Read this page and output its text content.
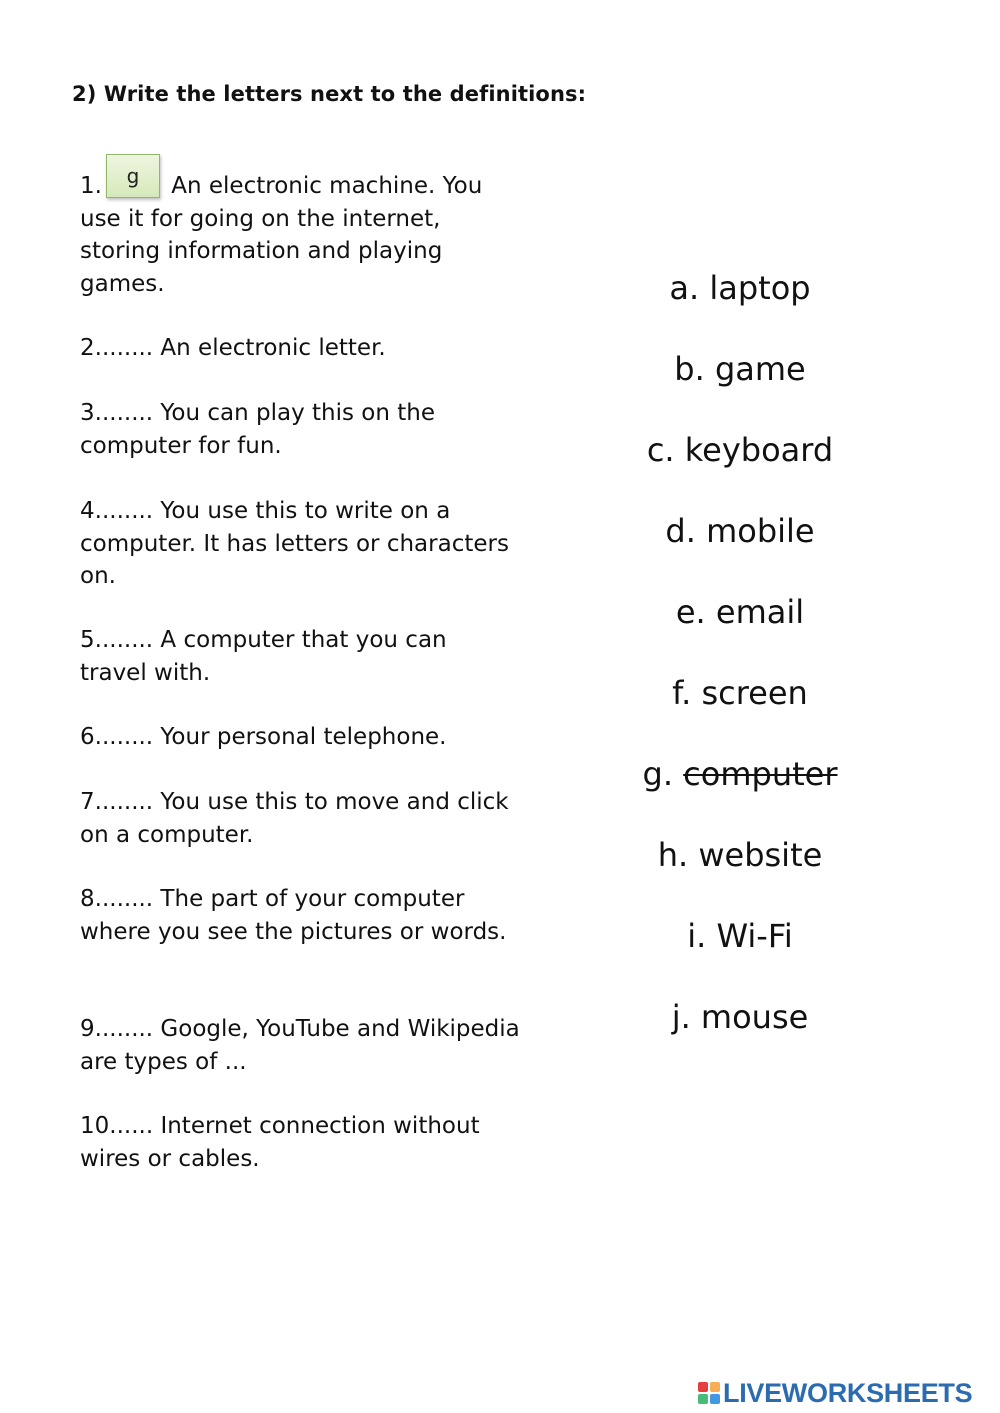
2) Write the letters next to the definitions:
1.	An electronic machine. You use it for going on the internet, storing information and playing games.
g
2........ An electronic letter.
3........ You can play this on the computer for fun.
4........ You use this to write on a computer. It has letters or characters on.
5........ A computer that you can travel with.
6........ Your personal telephone.
7........ You use this to move and click on a computer.
8........ The part of your computer where you see the pictures or words.
9........ Google, YouTube and Wikipedia are types of ...
10...... Internet connection without wires or cables.
a. laptop
b. game
c. keyboard
d. mobile
e. email
f. screen
g. computer
h. website
i. Wi-Fi
j. mouse
LIVEWORKSHEETS
